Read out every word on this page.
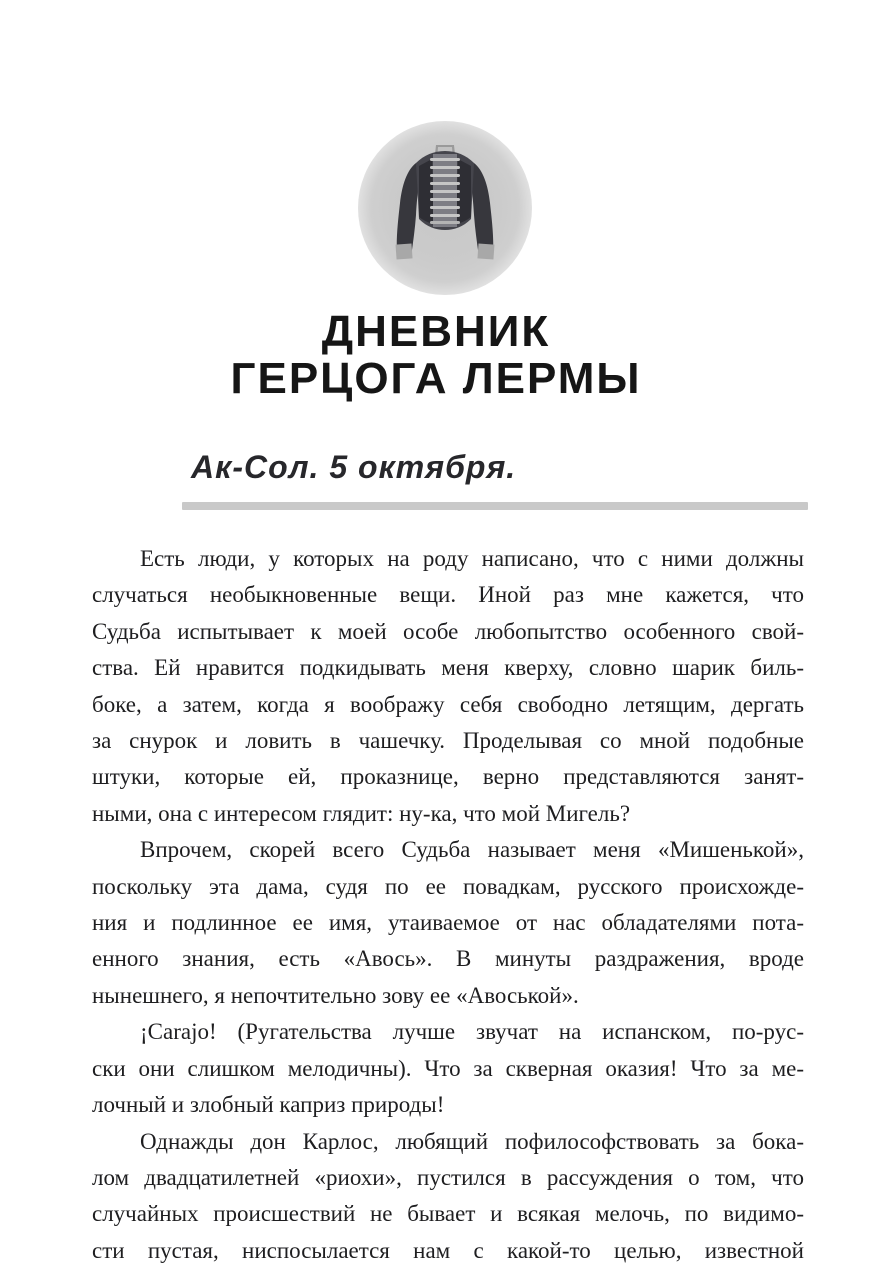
ДНЕВНИК
ГЕРЦОГА ЛЕРМЫ
Ак-Сол. 5 октября.
Есть люди, у которых на роду написано, что с ними должны
случаться необыкновенные вещи. Иной раз мне кажется, что
Судьба испытывает к моей особе любопытство особенного свой-
ства. Ей нравится подкидывать меня кверху, словно шарик биль-
боке, а затем, когда я воображу себя свободно летящим, дергать
за снурок и ловить в чашечку. Проделывая со мной подобные
штуки, которые ей, проказнице, верно представляются занят-
ными, она с интересом глядит: ну-ка, что мой Мигель?
Впрочем, скорей всего Судьба называет меня «Мишенькой»,
поскольку эта дама, судя по ее повадкам, русского происхожде-
ния и подлинное ее имя, утаиваемое от нас обладателями пота-
енного знания, есть «Авось». В минуты раздражения, вроде
нынешнего, я непочтительно зову ее «Авоськой».
¡Carajo! (Ругательства лучше звучат на испанском, по-рус-
ски они слишком мелодичны). Что за скверная оказия! Что за ме-
лочный и злобный каприз природы!
Однажды дон Карлос, любящий пофилософствовать за бока-
лом двадцатилетней «риохи», пустился в рассуждения о том, что
случайных происшествий не бывает и всякая мелочь, по видимо-
сти пустая, ниспосылается нам с какой-то целью, известной
